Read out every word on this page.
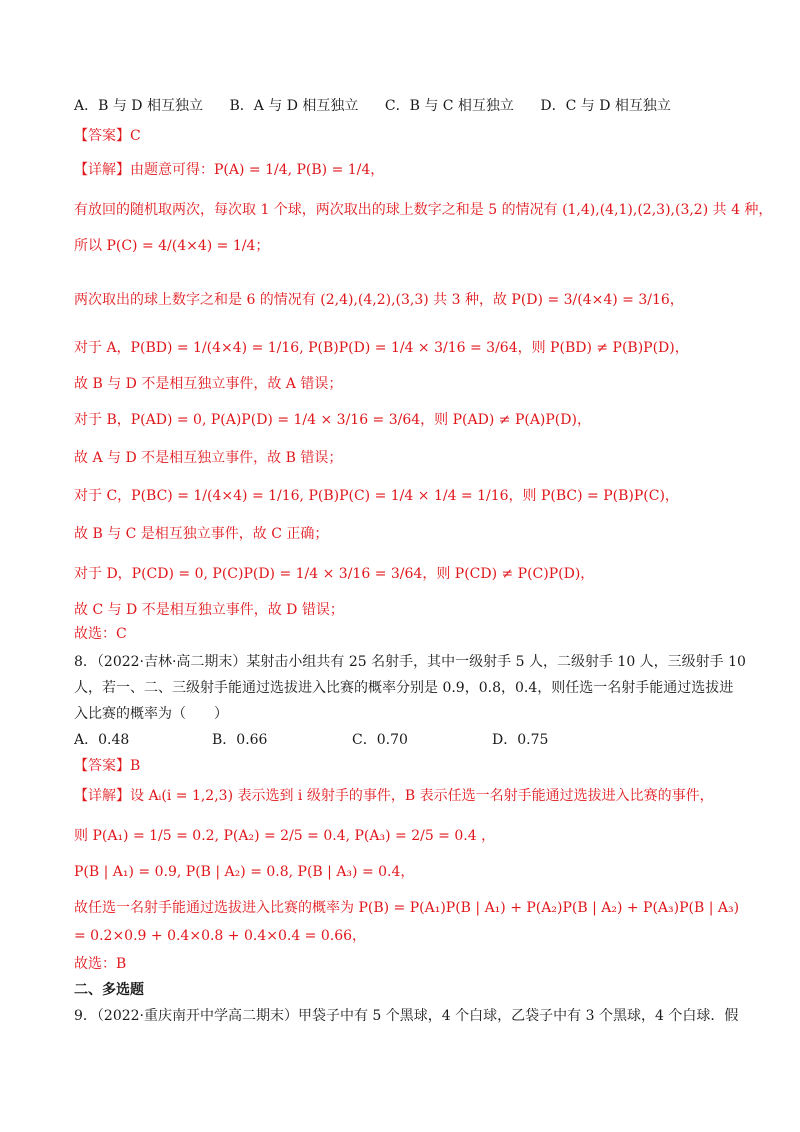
A．B 与 D 相互独立 B．A 与 D 相互独立 C．B 与 C 相互独立 D．C 与 D 相互独立
【答案】C
【详解】由题意可得：P(A) = 1/4, P(B) = 1/4，
有放回的随机取两次，每次取 1 个球，两次取出的球上数字之和是 5 的情况有 (1,4),(4,1),(2,3),(3,2) 共 4 种，
所以 P(C) = 4/(4×4) = 1/4；
两次取出的球上数字之和是 6 的情况有 (2,4),(4,2),(3,3) 共 3 种，故 P(D) = 3/(4×4) = 3/16，
对于 A，P(BD) = 1/(4×4) = 1/16, P(B)P(D) = 1/4 × 3/16 = 3/64，则 P(BD) ≠ P(B)P(D)，
故 B 与 D 不是相互独立事件，故 A 错误；
对于 B，P(AD) = 0, P(A)P(D) = 1/4 × 3/16 = 3/64，则 P(AD) ≠ P(A)P(D)，
故 A 与 D 不是相互独立事件，故 B 错误；
对于 C，P(BC) = 1/(4×4) = 1/16, P(B)P(C) = 1/4 × 1/4 = 1/16，则 P(BC) = P(B)P(C)，
故 B 与 C 是相互独立事件，故 C 正确；
对于 D，P(CD) = 0, P(C)P(D) = 1/4 × 3/16 = 3/64，则 P(CD) ≠ P(C)P(D)，
故 C 与 D 不是相互独立事件，故 D 错误；
故选：C
8．（2022·吉林·高二期末）某射击小组共有 25 名射手，其中一级射手 5 人，二级射手 10 人，三级射手 10
人，若一、二、三级射手能通过选拔进入比赛的概率分别是 0.9，0.8，0.4，则任选一名射手能通过选拔进
入比赛的概率为（　　）
A．0.48	B．0.66	C．0.70	D．0.75
【答案】B
【详解】设 Aᵢ(i = 1,2,3) 表示选到 i 级射手的事件，B 表示任选一名射手能通过选拔进入比赛的事件，
则 P(A₁) = 1/5 = 0.2, P(A₂) = 2/5 = 0.4, P(A₃) = 2/5 = 0.4 ，
P(B | A₁) = 0.9, P(B | A₂) = 0.8, P(B | A₃) = 0.4，
故任选一名射手能通过选拔进入比赛的概率为 P(B) = P(A₁)P(B | A₁) + P(A₂)P(B | A₂) + P(A₃)P(B | A₃)
= 0.2×0.9 + 0.4×0.8 + 0.4×0.4 = 0.66，
故选：B
二、多选题
9．（2022·重庆南开中学高二期末）甲袋子中有 5 个黑球，4 个白球，乙袋子中有 3 个黑球，4 个白球．假
